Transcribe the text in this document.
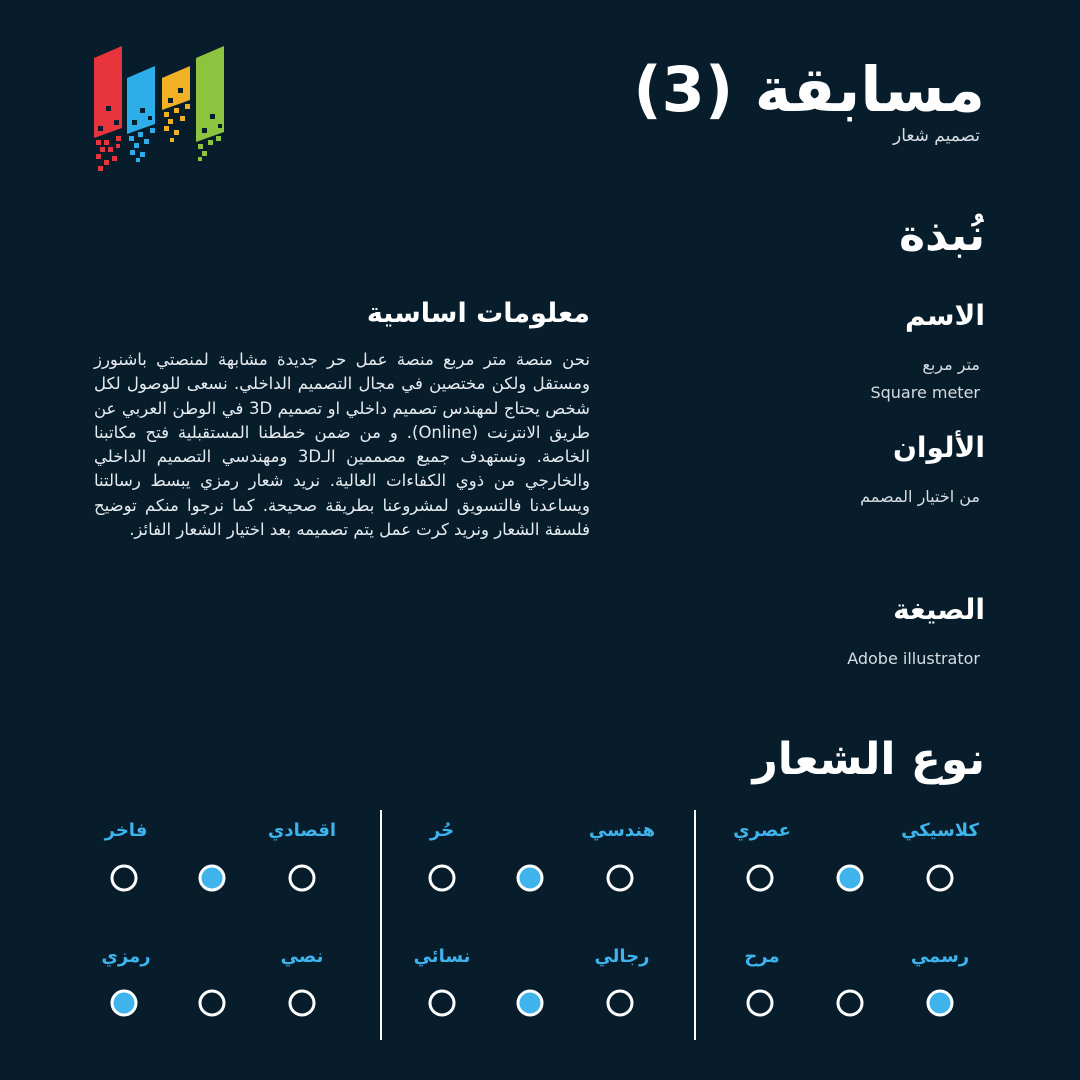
مسابقة (3)
تصميم شعار
نُبذة
الاسم
متر مربع
Square meter
الألوان
من اختيار المصمم
الصيغة
Adobe illustrator
معلومات اساسية
نحن منصة متر مربع منصة عمل حر جديدة مشابهة لمنصتي باشنورز ومستقل ولكن مختصين في مجال التصميم الداخلي. نسعى للوصول لكل شخص يحتاج لمهندس تصميم داخلي او تصميم 3D في الوطن العربي عن طريق الانترنت (Online). و من ضمن خططنا المستقبلية فتح مكاتبنا الخاصة. ونستهدف جميع مصممين الـ3D ومهندسي التصميم الداخلي والخارجي من ذوي الكفاءات العالية. نريد شعار رمزي يبسط رسالتنا ويساعدنا فالتسويق لمشروعنا بطريقة صحيحة. كما نرجوا منكم توضيح فلسفة الشعار ونريد كرت عمل يتم تصميمه بعد اختيار الشعار الفائز.
نوع الشعار
كلاسيكي
عصري
رسمي
مرح
هندسي
حُر
رجالي
نسائي
اقصادي
فاخر
نصي
رمزي
